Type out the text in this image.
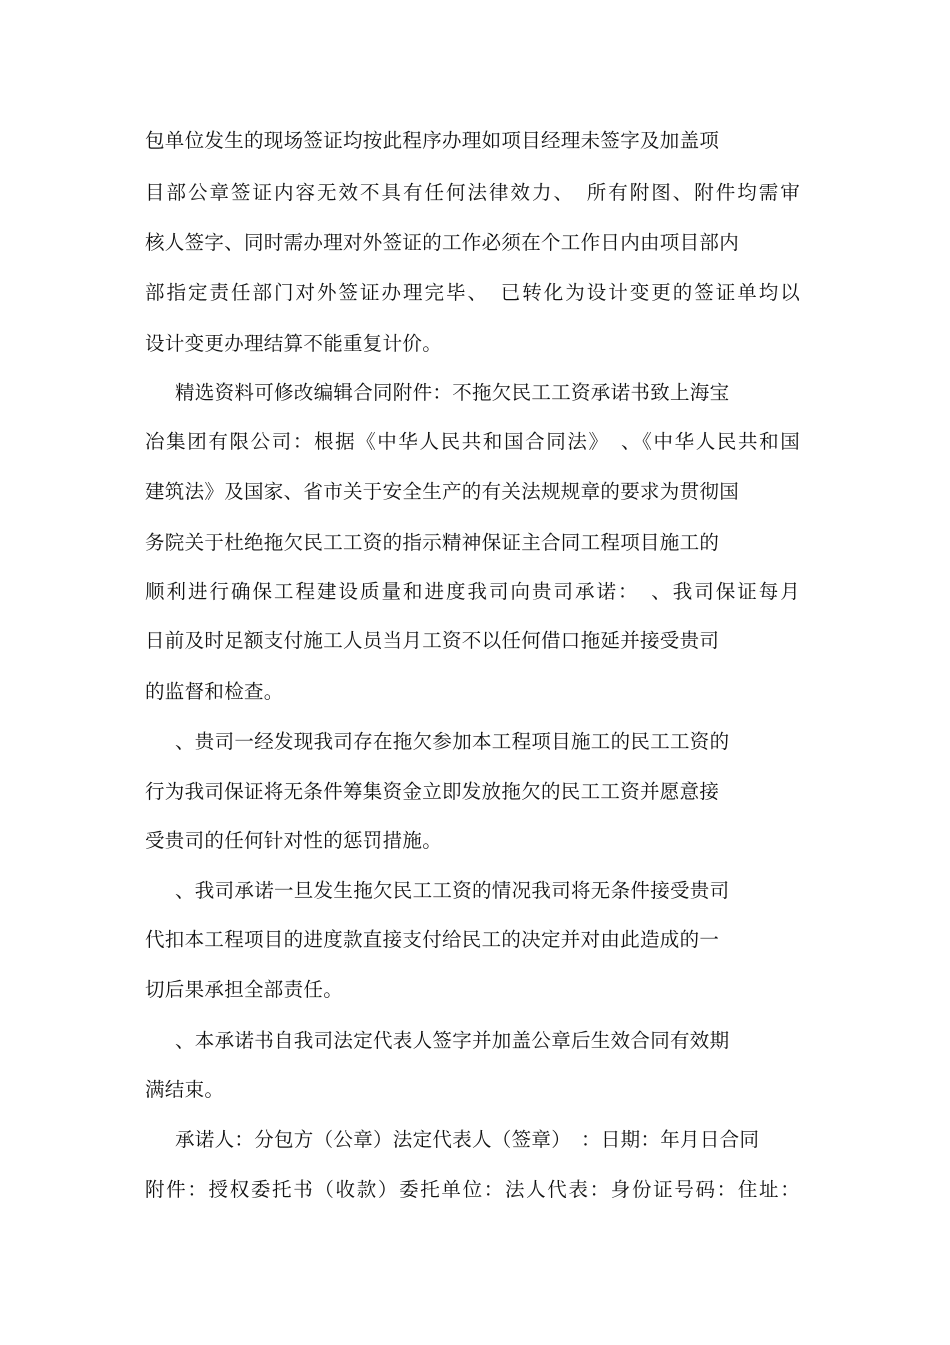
包单位发生的现场签证均按此程序办理如项目经理未签字及加盖项
目部公章签证内容无效不具有任何法律效力、　所有附图、附件均需审
核人签字、同时需办理对外签证的工作必须在个工作日内由项目部内
部指定责任部门对外签证办理完毕、　已转化为设计变更的签证单均以
设计变更办理结算不能重复计价。
精选资料可修改编辑合同附件：不拖欠民工工资承诺书致上海宝
冶集团有限公司：根据《中华人民共和国合同法》　、《中华人民共和国
建筑法》及国家、省市关于安全生产的有关法规规章的要求为贯彻国
务院关于杜绝拖欠民工工资的指示精神保证主合同工程项目施工的
顺利进行确保工程建设质量和进度我司向贵司承诺：　、我司保证每月
日前及时足额支付施工人员当月工资不以任何借口拖延并接受贵司
的监督和检查。
、贵司一经发现我司存在拖欠参加本工程项目施工的民工工资的
行为我司保证将无条件筹集资金立即发放拖欠的民工工资并愿意接
受贵司的任何针对性的惩罚措施。
、我司承诺一旦发生拖欠民工工资的情况我司将无条件接受贵司
代扣本工程项目的进度款直接支付给民工的决定并对由此造成的一
切后果承担全部责任。
、本承诺书自我司法定代表人签字并加盖公章后生效合同有效期
满结束。
承诺人：分包方（公章）法定代表人（签章）　：日期：年月日合同
附件：授权委托书（收款）委托单位：法人代表：身份证号码：住址：
